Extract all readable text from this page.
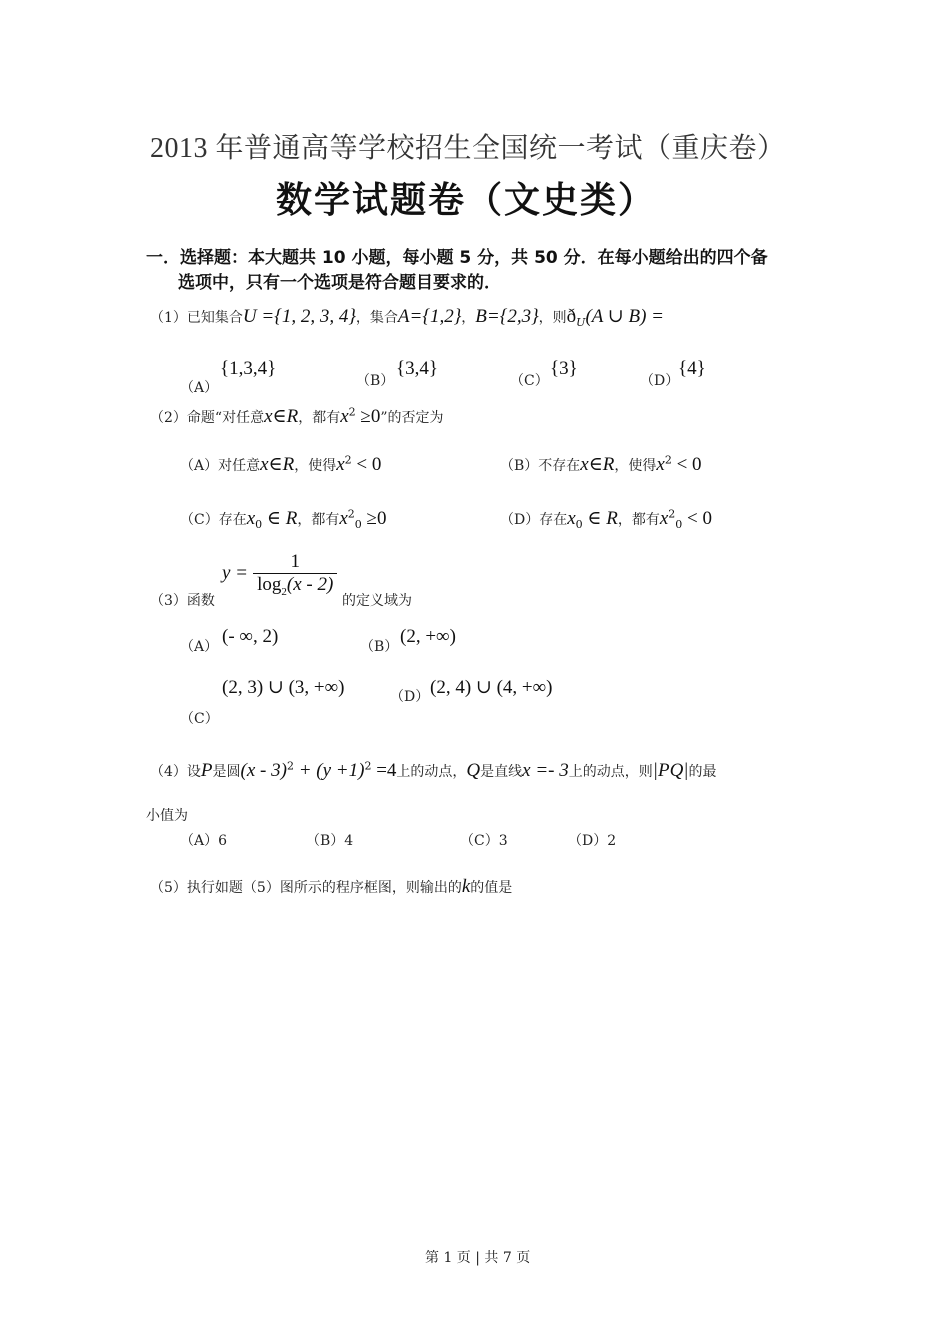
2013 年普通高等学校招生全国统一考试（重庆卷）
数学试题卷（文史类）
一．选择题：本大题共 10 小题，每小题 5 分，共 50 分．在每小题给出的四个备
选项中，只有一个选项是符合题目要求的．
（1）已知集合U ={1, 2, 3, 4}，集合A={1,2}，B={2,3}，则$ð_U(A$ ∪ B) =
（A）
{1,3,4}
（B）
{3,4}
（C）
{3}
（D）
{4}
（2）命题“对任意x∈R，都有$x^2 \ge 0$”的否定为
（A）对任意x∈R，使得$x^2 < 0$	（B）不存在x∈R，使得$x^2 < 0$
（C）存在$x_0$ ∈ R，都有$x^2_0 \ge 0$	（D）存在$x_0$ ∈ R，都有$x^2_0 < 0$
（3）函数
$y = \frac{1}{\log_2(x - 2)}$
的定义域为
（A） (- ∞, 2)	（B） (2, +∞)
（C）
(2, 3) ∪ (3, +∞)	（D） (2, 4) ∪ (4, +∞)
（4）设P是圆$(x - 3)^2 + (y +1)^2 =4$上的动点，Q是直线x =- 3上的动点，则|PQ|的最
小值为
（A）6	（B）4	（C）3	（D）2
（5）执行如题（5）图所示的程序框图，则输出的k的值是
第 1 页 | 共 7 页
